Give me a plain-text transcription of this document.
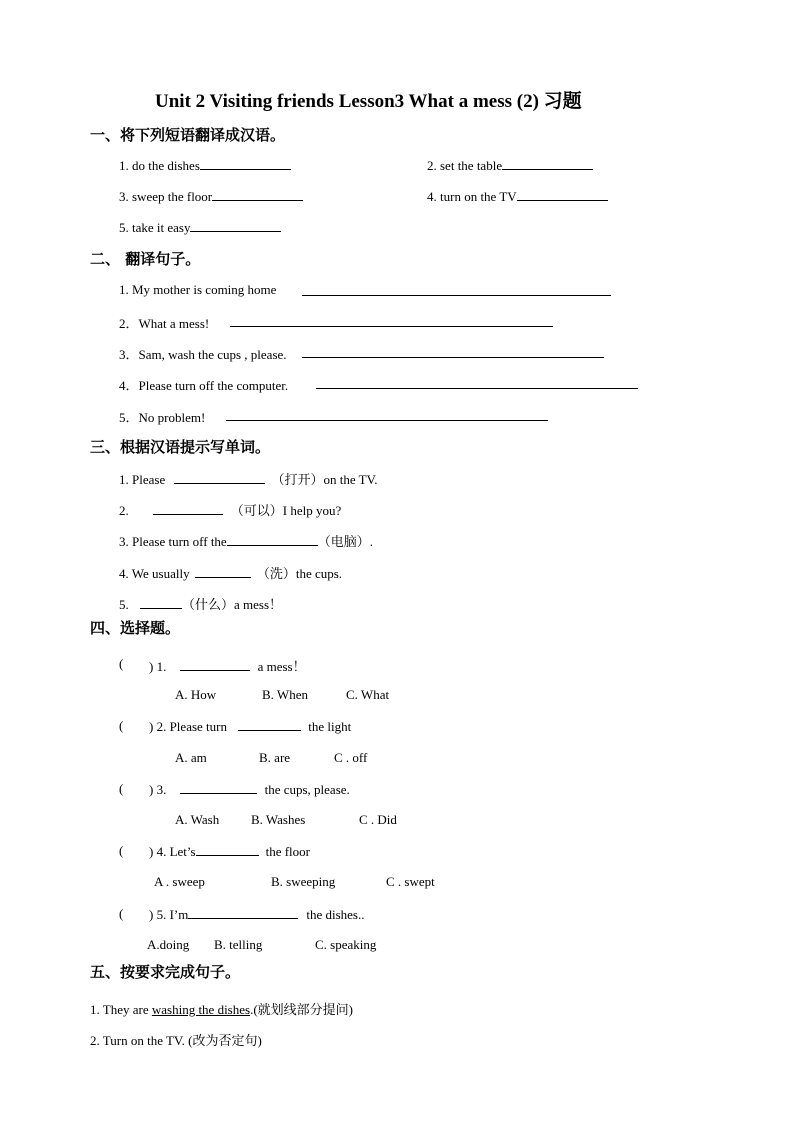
Unit 2 Visiting friends Lesson3 What a mess (2) 习题
一、将下列短语翻译成汉语。
1. do the dishes	2. set the table
3. sweep the floor	4. turn on the TV
5. take it easy
二、 翻译句子。
1. My mother is coming home
2．What a mess!
3．Sam, wash the cups , please.
4．Please turn off the computer.
5．No problem!
三、根据汉语提示写单词。
1. Please	（打开）on the TV.
2.	（可以）I help you?
3. Please turn off the	（电脑）.
4. We usually	（洗）the cups.
5.	（什么）a mess！
四、选择题。
( ) 1.	a mess！
A. How	B. When	C. What
( ) 2. Please turn	the light
A. am	B. are	C . off
( ) 3.	the cups, please.
A. Wash B. Washes	C . Did
( ) 4. Let’s	the floor
A . sweep	B. sweeping	C . swept
( ) 5. I’m	the dishes..
A.doing B. telling	C. speaking
五、按要求完成句子。
1. They are washing the dishes.(就划线部分提问)
2. Turn on the TV. (改为否定句)
